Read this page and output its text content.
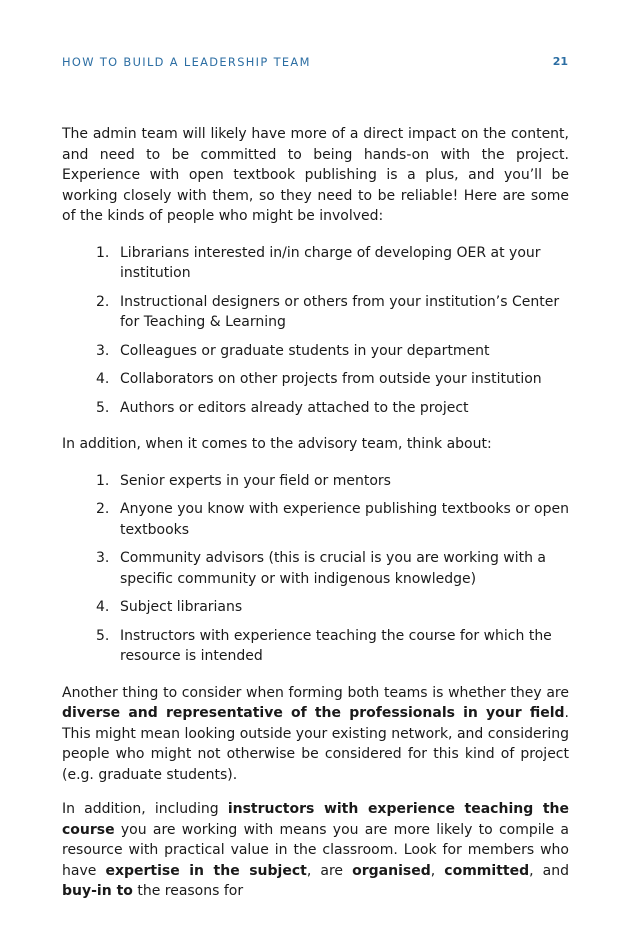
HOW TO BUILD A LEADERSHIP TEAM	21

The admin team will likely have more of a direct impact on the content, and need to be committed to being hands-on with the project. Experience with open textbook publishing is a plus, and you’ll be working closely with them, so they need to be reliable! Here are some of the kinds of people who might be involved:

1. Librarians interested in/in charge of developing OER at your institution
2. Instructional designers or others from your institution’s Center for Teaching & Learning
3. Colleagues or graduate students in your department
4. Collaborators on other projects from outside your institution
5. Authors or editors already attached to the project

In addition, when it comes to the advisory team, think about:

1. Senior experts in your field or mentors
2. Anyone you know with experience publishing textbooks or open textbooks
3. Community advisors (this is crucial is you are working with a specific community or with indigenous knowledge)
4. Subject librarians
5. Instructors with experience teaching the course for which the resource is intended

Another thing to consider when forming both teams is whether they are diverse and representative of the professionals in your field. This might mean looking outside your existing network, and considering people who might not otherwise be considered for this kind of project (e.g. graduate students).

In addition, including instructors with experience teaching the course you are working with means you are more likely to compile a resource with practical value in the classroom. Look for members who have expertise in the subject, are organised, committed, and buy-in to the reasons for
